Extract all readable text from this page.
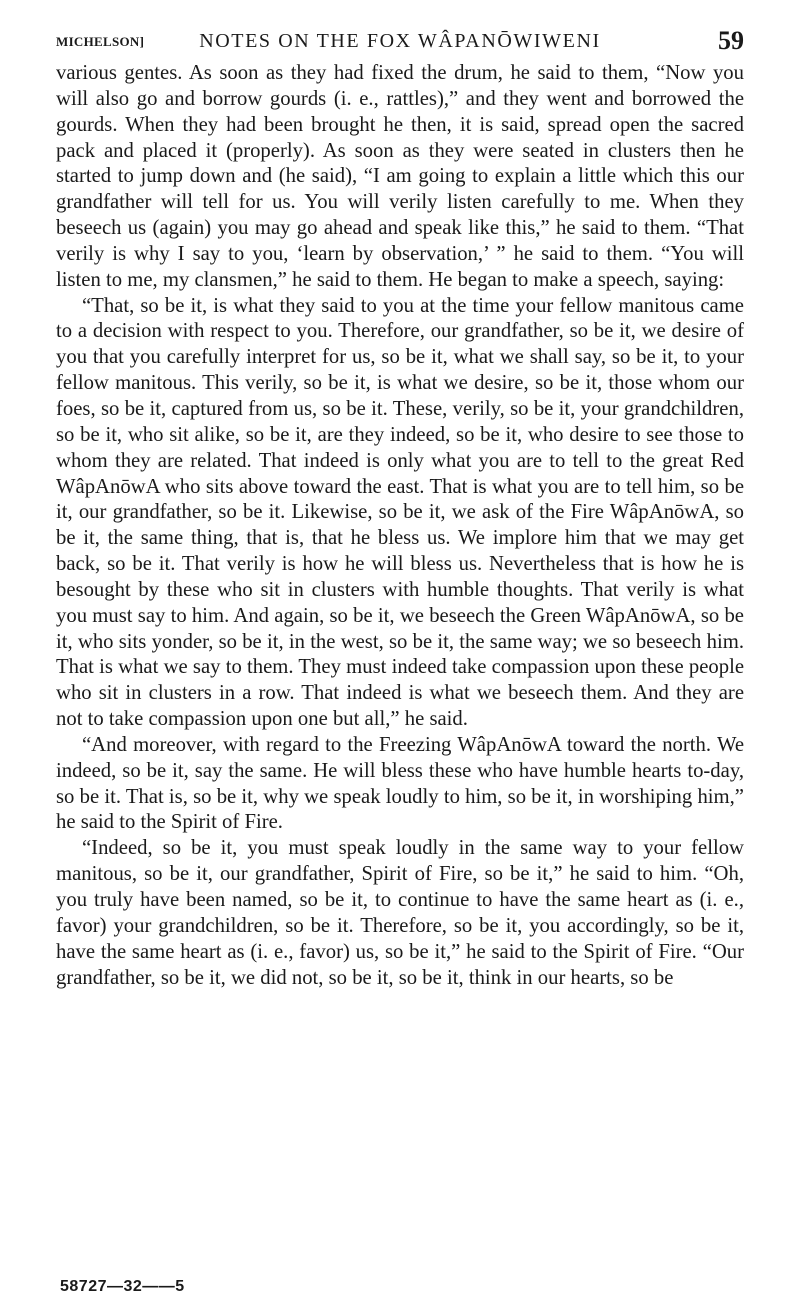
MICHELSON]	NOTES ON THE FOX WÂPANŌWIWENI	59

various gentes. As soon as they had fixed the drum, he said to them, “Now you will also go and borrow gourds (i. e., rattles),” and they went and borrowed the gourds. When they had been brought he then, it is said, spread open the sacred pack and placed it (properly). As soon as they were seated in clusters then he started to jump down and (he said), “I am going to explain a little which this our grandfather will tell for us. You will verily listen carefully to me. When they beseech us (again) you may go ahead and speak like this,” he said to them. “That verily is why I say to you, ‘learn by observation,’ ” he said to them. “You will listen to me, my clansmen,” he said to them. He began to make a speech, saying:

“That, so be it, is what they said to you at the time your fellow manitous came to a decision with respect to you. Therefore, our grandfather, so be it, we desire of you that you carefully interpret for us, so be it, what we shall say, so be it, to your fellow manitous. This verily, so be it, is what we desire, so be it, those whom our foes, so be it, captured from us, so be it. These, verily, so be it, your grandchildren, so be it, who sit alike, so be it, are they indeed, so be it, who desire to see those to whom they are related. That indeed is only what you are to tell to the great Red WâpAnōwA who sits above toward the east. That is what you are to tell him, so be it, our grandfather, so be it. Likewise, so be it, we ask of the Fire WâpAnōwA, so be it, the same thing, that is, that he bless us. We implore him that we may get back, so be it. That verily is how he will bless us. Nevertheless that is how he is besought by these who sit in clusters with humble thoughts. That verily is what you must say to him. And again, so be it, we beseech the Green WâpAnōwA, so be it, who sits yonder, so be it, in the west, so be it, the same way; we so beseech him. That is what we say to them. They must indeed take compassion upon these people who sit in clusters in a row. That indeed is what we beseech them. And they are not to take compassion upon one but all,” he said.

“And moreover, with regard to the Freezing WâpAnōwA toward the north. We indeed, so be it, say the same. He will bless these who have humble hearts to-day, so be it. That is, so be it, why we speak loudly to him, so be it, in worshiping him,” he said to the Spirit of Fire.

“Indeed, so be it, you must speak loudly in the same way to your fellow manitous, so be it, our grandfather, Spirit of Fire, so be it,” he said to him. “Oh, you truly have been named, so be it, to continue to have the same heart as (i. e., favor) your grandchildren, so be it. Therefore, so be it, you accordingly, so be it, have the same heart as (i. e., favor) us, so be it,” he said to the Spirit of Fire. “Our grandfather, so be it, we did not, so be it, so be it, think in our hearts, so be

58727—32——5
